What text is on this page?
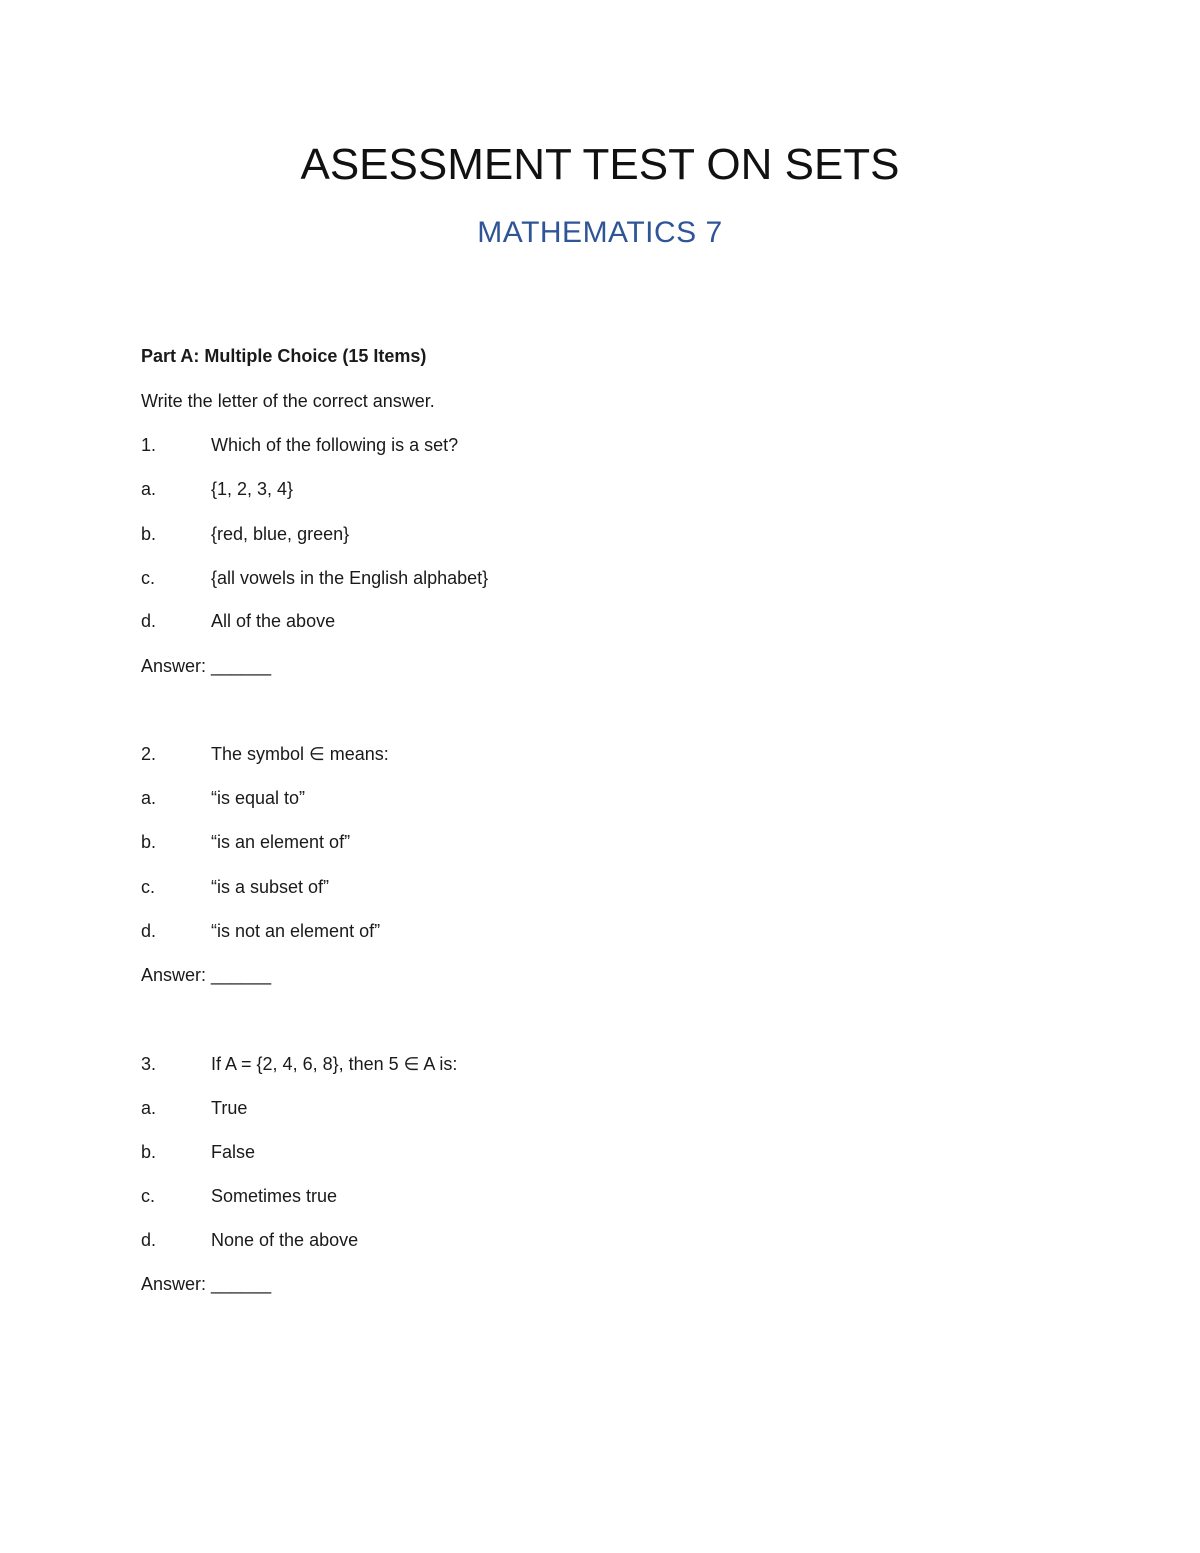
ASESSMENT TEST ON SETS
MATHEMATICS 7
Part A: Multiple Choice (15 Items)
Write the letter of the correct answer.
1.	Which of the following is a set?
a.	{1, 2, 3, 4}
b.	{red, blue, green}
c.	{all vowels in the English alphabet}
d.	All of the above
Answer: ______
2.	The symbol ∈ means:
a.	“is equal to”
b.	“is an element of”
c.	“is a subset of”
d.	“is not an element of”
Answer: ______
3.	If A = {2, 4, 6, 8}, then 5 ∈ A is:
a.	True
b.	False
c.	Sometimes true
d.	None of the above
Answer: ______
